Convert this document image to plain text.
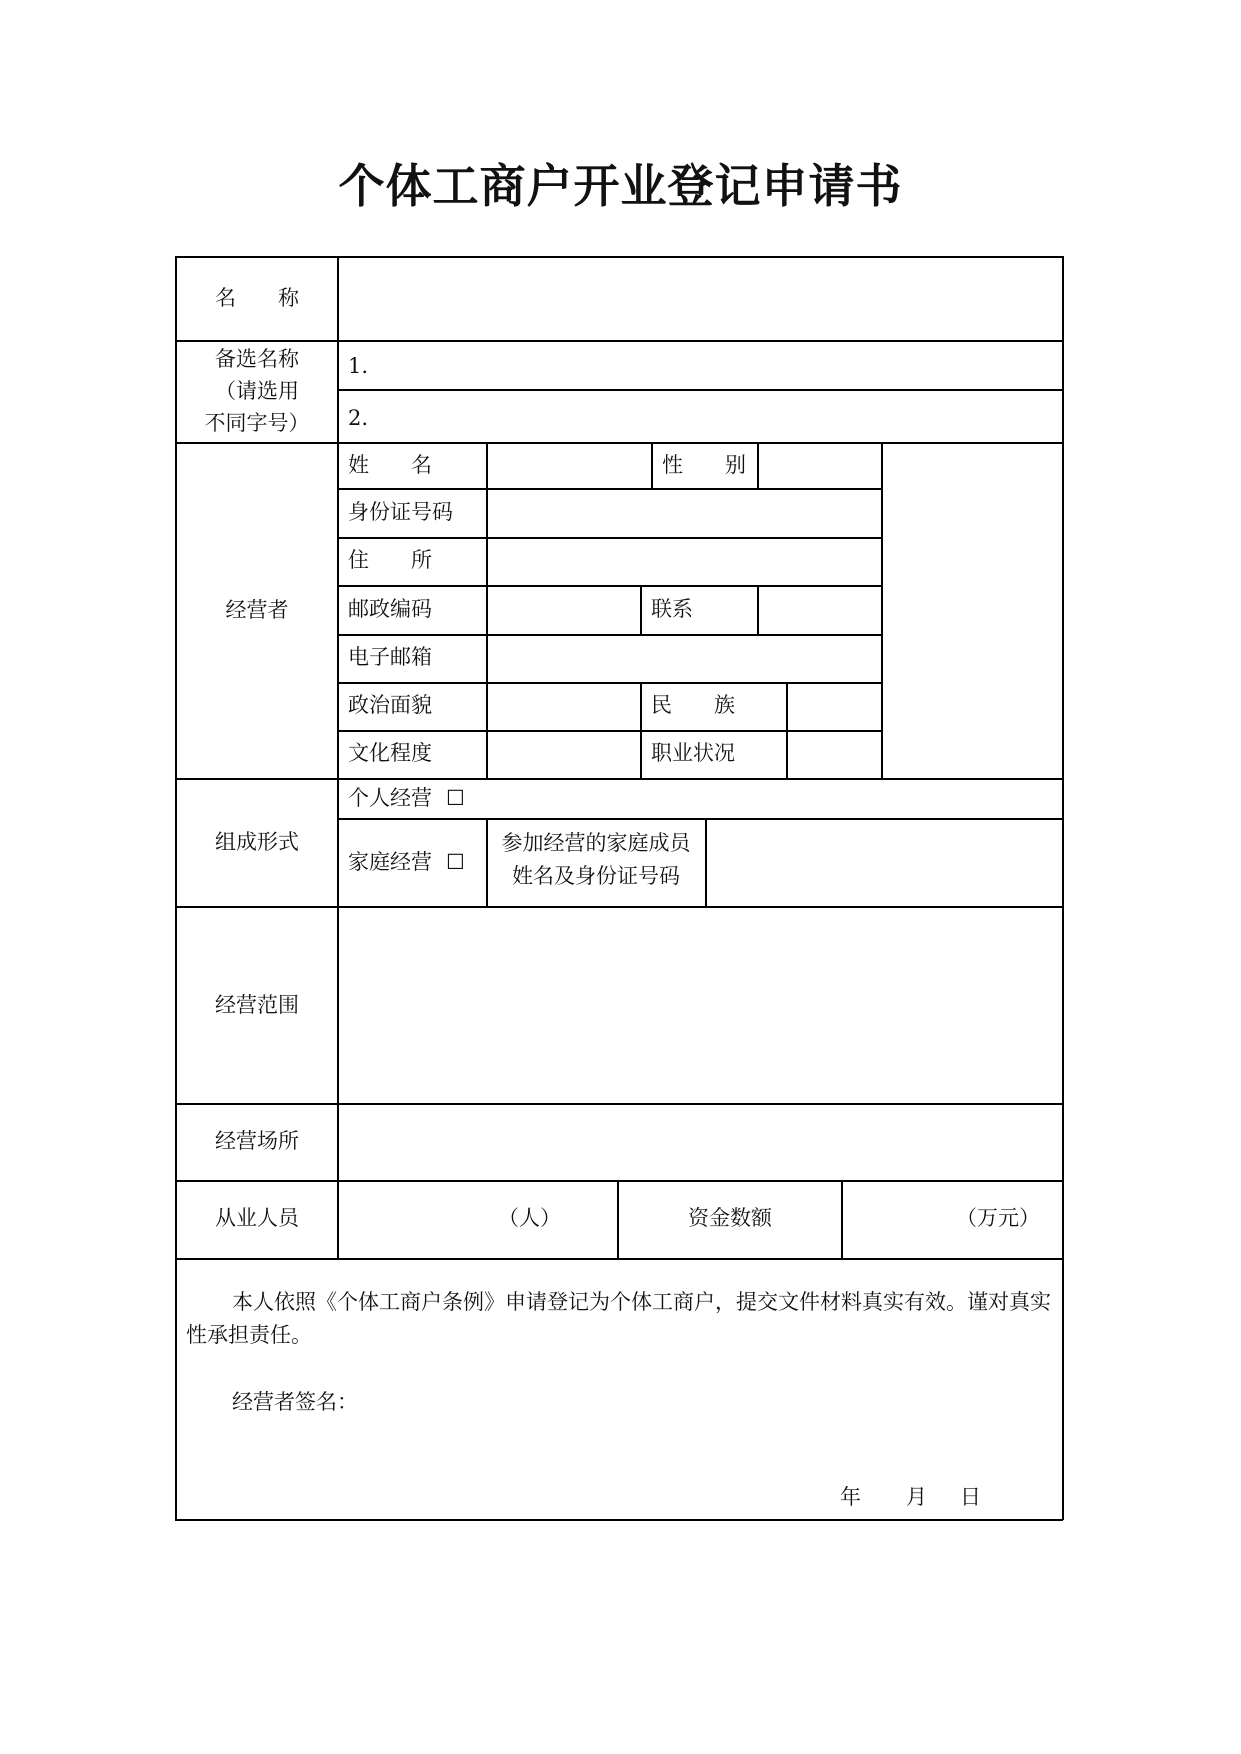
个体工商户开业登记申请书
名　　称
备选名称
（请选用
不同字号）
1.
2.
经营者
姓　　名	性　　别
身份证号码
住　　所
邮政编码	联系
电子邮箱
政治面貌	民　　族
文化程度	职业状况
组成形式
个人经营 ☐
家庭经营 ☐
参加经营的家庭成员
姓名及身份证号码
经营范围
经营场所
从业人员	（人）	资金数额	（万元）
本人依照《个体工商户条例》申请登记为个体工商户，提交文件材料真实有效。谨对真实性承担责任。
经营者签名：
年 月 日
